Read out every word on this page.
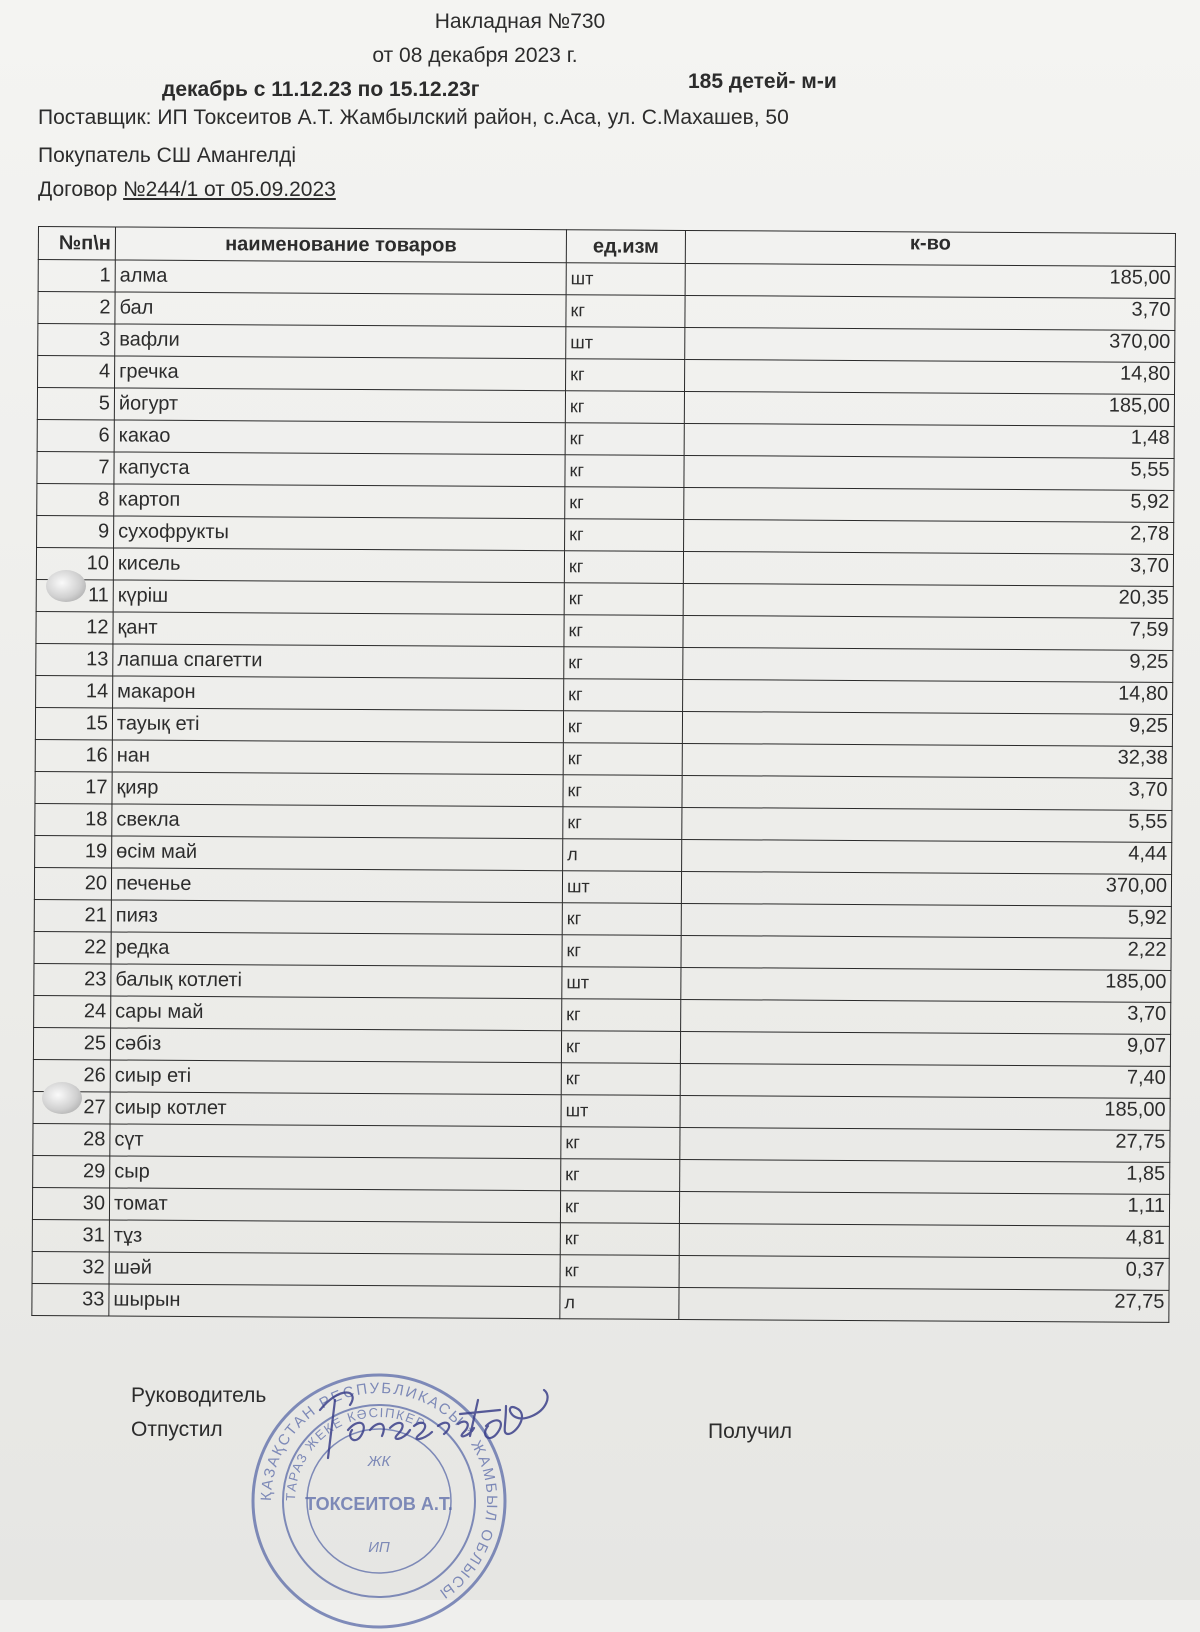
Накладная №730
от 08 декабря 2023 г.
декабрь с 11.12.23 по 15.12.23г	185 детей- м-и
Поставщик: ИП Токсеитов А.Т. Жамбылский район, с.Аса, ул. С.Махашев, 50
Покупатель СШ Амангелді
Договор №244/1 от 05.09.2023
№п\н	наименование товаров	ед.изм	к-во
1	алма	шт	185,00
2	бал	кг	3,70
3	вафли	шт	370,00
4	гречка	кг	14,80
5	йогурт	кг	185,00
6	какао	кг	1,48
7	капуста	кг	5,55
8	картоп	кг	5,92
9	сухофрукты	кг	2,78
10	кисель	кг	3,70
11	күріш	кг	20,35
12	қант	кг	7,59
13	лапша спагетти	кг	9,25
14	макарон	кг	14,80
15	тауық еті	кг	9,25
16	нан	кг	32,38
17	қияр	кг	3,70
18	свекла	кг	5,55
19	өсім май	л	4,44
20	печенье	шт	370,00
21	пияз	кг	5,92
22	редка	кг	2,22
23	балық котлеті	шт	185,00
24	сары май	кг	3,70
25	сәбіз	кг	9,07
26	сиыр еті	кг	7,40
27	сиыр котлет	шт	185,00
28	сүт	кг	27,75
29	сыр	кг	1,85
30	томат	кг	1,11
31	тұз	кг	4,81
32	шәй	кг	0,37
33	шырын	л	27,75
Руководитель
Отпустил	Получил
ҚАЗАҚСТАН РЕСПУБЛИКАСЫ * ЖАМБЫЛ ОБЛЫСЫ
ТАРАЗ ЖЕКЕ КӘСІПКЕР
ЖК
ТОКСЕИТОВ А.Т.
ИП
